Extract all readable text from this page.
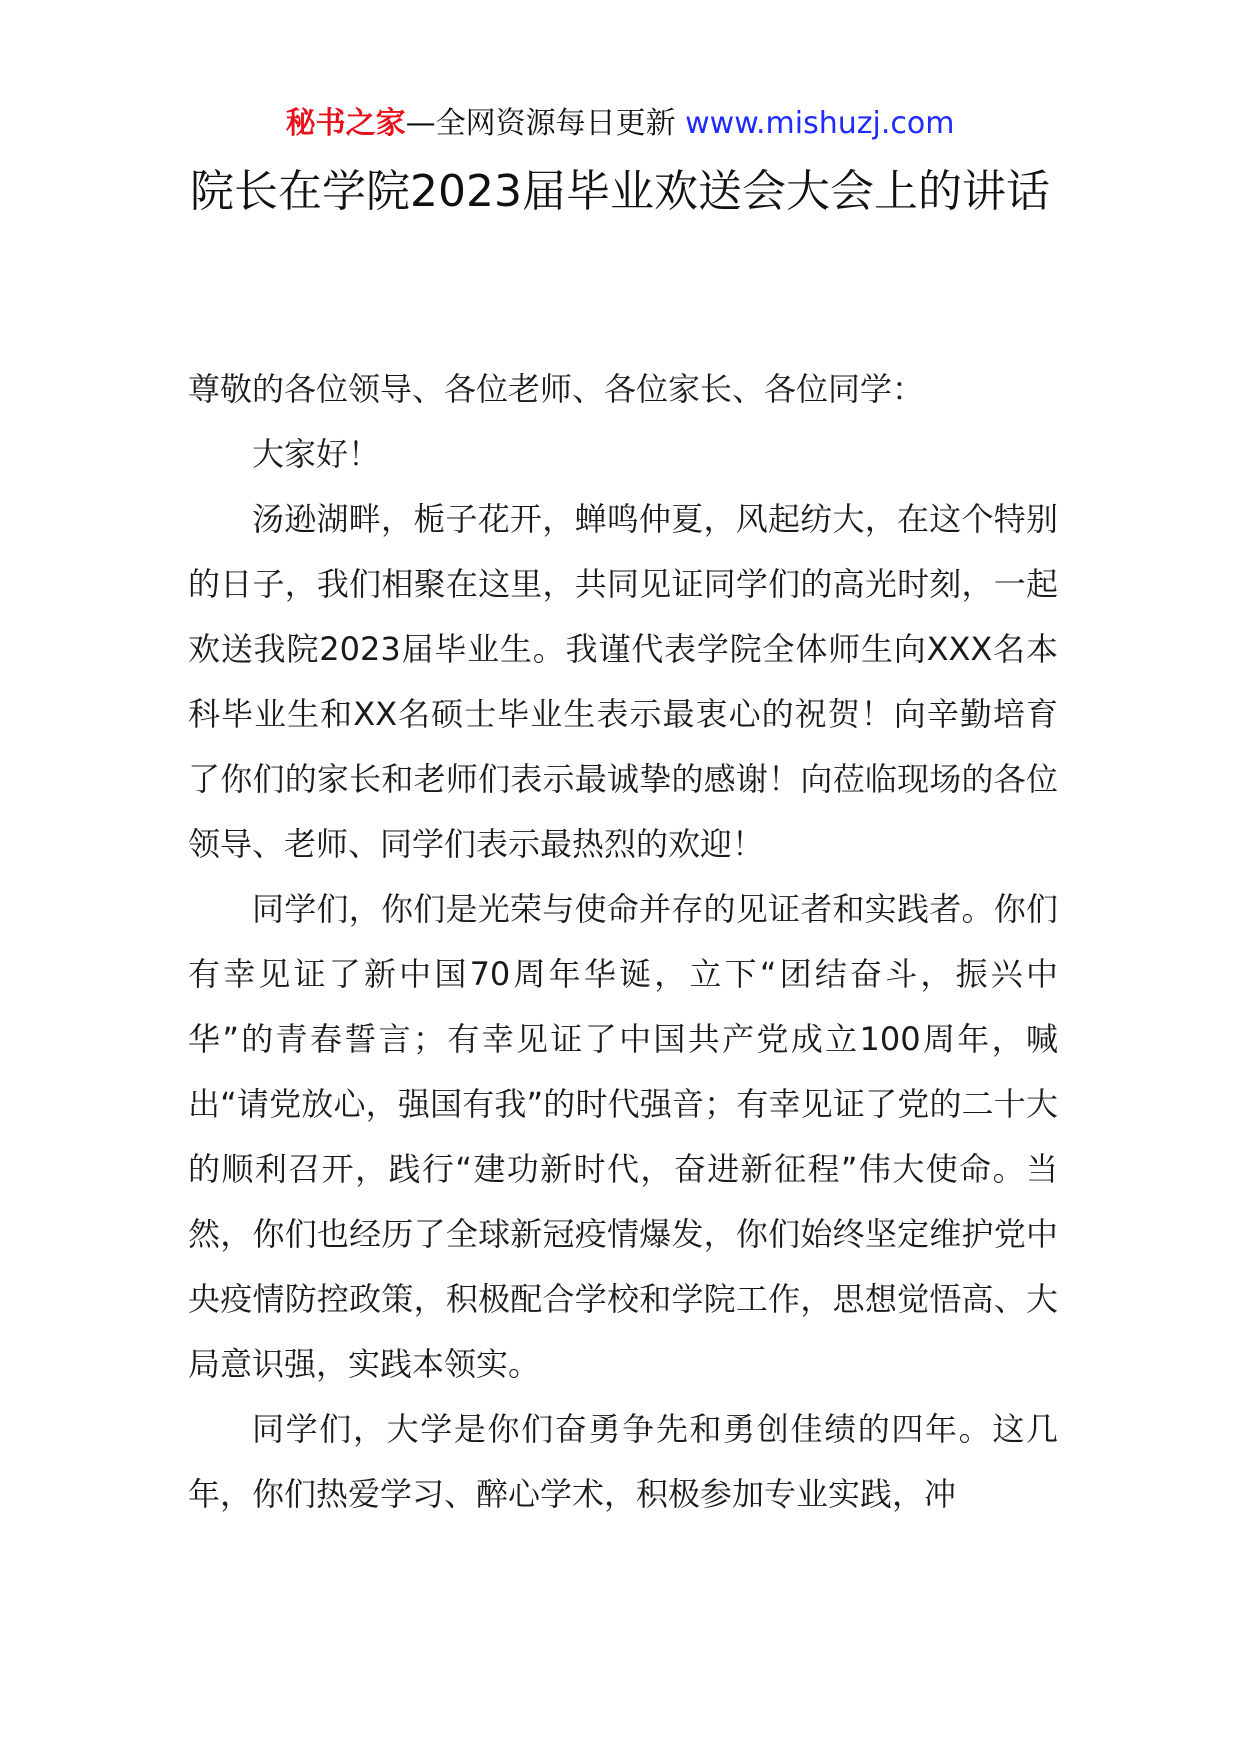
秘书之家—全网资源每日更新 www.mishuzj.com
院长在学院2023届毕业欢送会大会上的讲话

尊敬的各位领导、各位老师、各位家长、各位同学：

大家好！

汤逊湖畔，栀子花开，蝉鸣仲夏，风起纺大，在这个特别的日子，我们相聚在这里，共同见证同学们的高光时刻，一起欢送我院2023届毕业生。我谨代表学院全体师生向XXX名本科毕业生和XX名硕士毕业生表示最衷心的祝贺！向辛勤培育了你们的家长和老师们表示最诚挚的感谢！向莅临现场的各位领导、老师、同学们表示最热烈的欢迎！

同学们，你们是光荣与使命并存的见证者和实践者。你们有幸见证了新中国70周年华诞，立下“团结奋斗，振兴中华”的青春誓言；有幸见证了中国共产党成立100周年，喊出“请党放心，强国有我”的时代强音；有幸见证了党的二十大的顺利召开，践行“建功新时代，奋进新征程”伟大使命。当然，你们也经历了全球新冠疫情爆发，你们始终坚定维护党中央疫情防控政策，积极配合学校和学院工作，思想觉悟高、大局意识强，实践本领实。

同学们，大学是你们奋勇争先和勇创佳绩的四年。这几年，你们热爱学习、醉心学术，积极参加专业实践，冲
